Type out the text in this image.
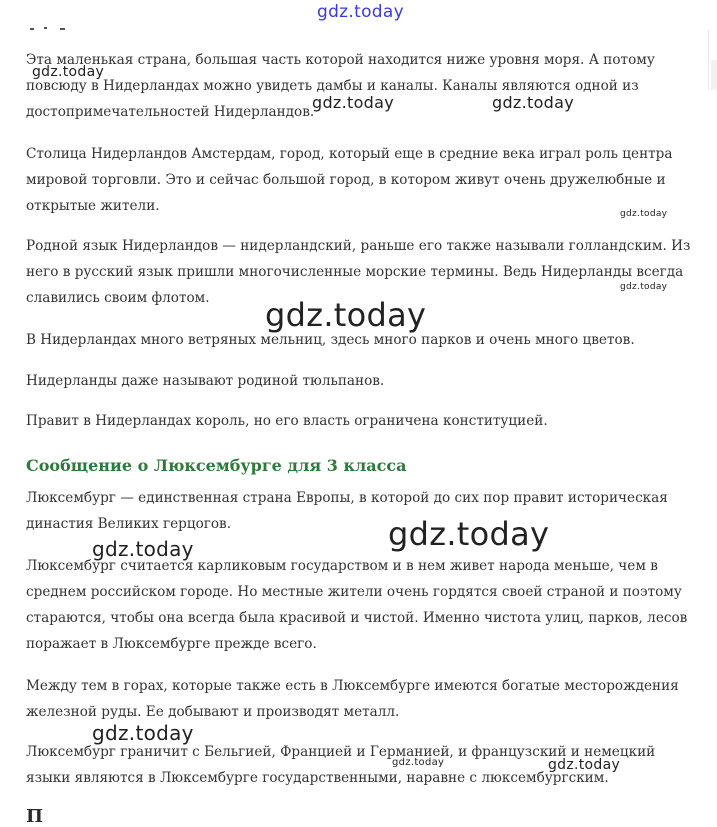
Эта маленькая страна, большая часть которой находится ниже уровня моря. А потому повсюду в Нидерландах можно увидеть дамбы и каналы. Каналы являются одной из достопримечательностей Нидерландов.

Столица Нидерландов Амстердам, город, который еще в средние века играл роль центра мировой торговли. Это и сейчас большой город, в котором живут очень дружелюбные и открытые жители.

Родной язык Нидерландов — нидерландский, раньше его также называли голландским. Из него в русский язык пришли многочисленные морские термины. Ведь Нидерланды всегда славились своим флотом.

В Нидерландах много ветряных мельниц, здесь много парков и очень много цветов.

Нидерланды даже называют родиной тюльпанов.

Правит в Нидерландах король, но его власть ограничена конституцией.

Сообщение о Люксембурге для 3 класса

Люксембург — единственная страна Европы, в которой до сих пор правит историческая династия Великих герцогов.

Люксембург считается карликовым государством и в нем живет народа меньше, чем в среднем российском городе. Но местные жители очень гордятся своей страной и поэтому стараются, чтобы она всегда была красивой и чистой. Именно чистота улиц, парков, лесов поражает в Люксембурге прежде всего.

Между тем в горах, которые также есть в Люксембурге имеются богатые месторождения железной руды. Ее добывают и производят металл.

Люксембург граничит с Бельгией, Францией и Германией, и французский и немецкий языки являются в Люксембурге государственными, наравне с люксембургским.

П
gdz.today
gdz.today
gdz.today	gdz.today
gdz.today
gdz.today
gdz.today
gdz.today
gdz.today
gdz.today
gdz.today	gdz.today
